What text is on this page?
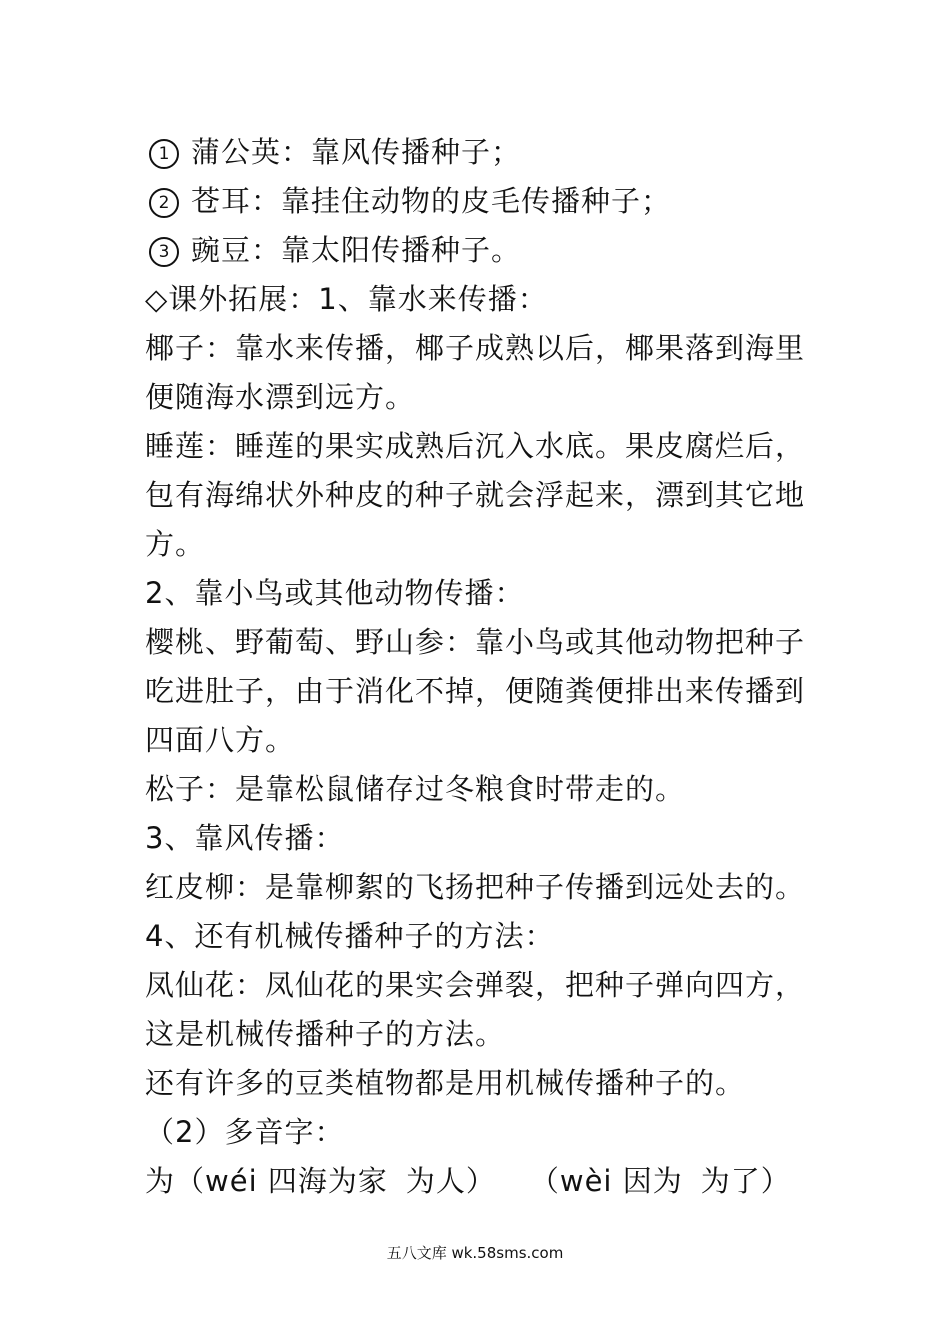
1 蒲公英：靠风传播种子；
2 苍耳：靠挂住动物的皮毛传播种子；
3 豌豆：靠太阳传播种子。
◇课外拓展：1、靠水来传播：
椰子：靠水来传播，椰子成熟以后，椰果落到海里便随海水漂到远方。
睡莲：睡莲的果实成熟后沉入水底。果皮腐烂后，包有海绵状外种皮的种子就会浮起来，漂到其它地方。
2、靠小鸟或其他动物传播：
樱桃、野葡萄、野山参：靠小鸟或其他动物把种子吃进肚子，由于消化不掉，便随粪便排出来传播到四面八方。
松子：是靠松鼠储存过冬粮食时带走的。
3、靠风传播：
红皮柳：是靠柳絮的飞扬把种子传播到远处去的。
4、还有机械传播种子的方法：
凤仙花：凤仙花的果实会弹裂，把种子弹向四方，这是机械传播种子的方法。
还有许多的豆类植物都是用机械传播种子的。
（2）多音字：
为（wéi 四海为家 为人） （wèi 因为 为了）
五八文库 wk.58sms.com
